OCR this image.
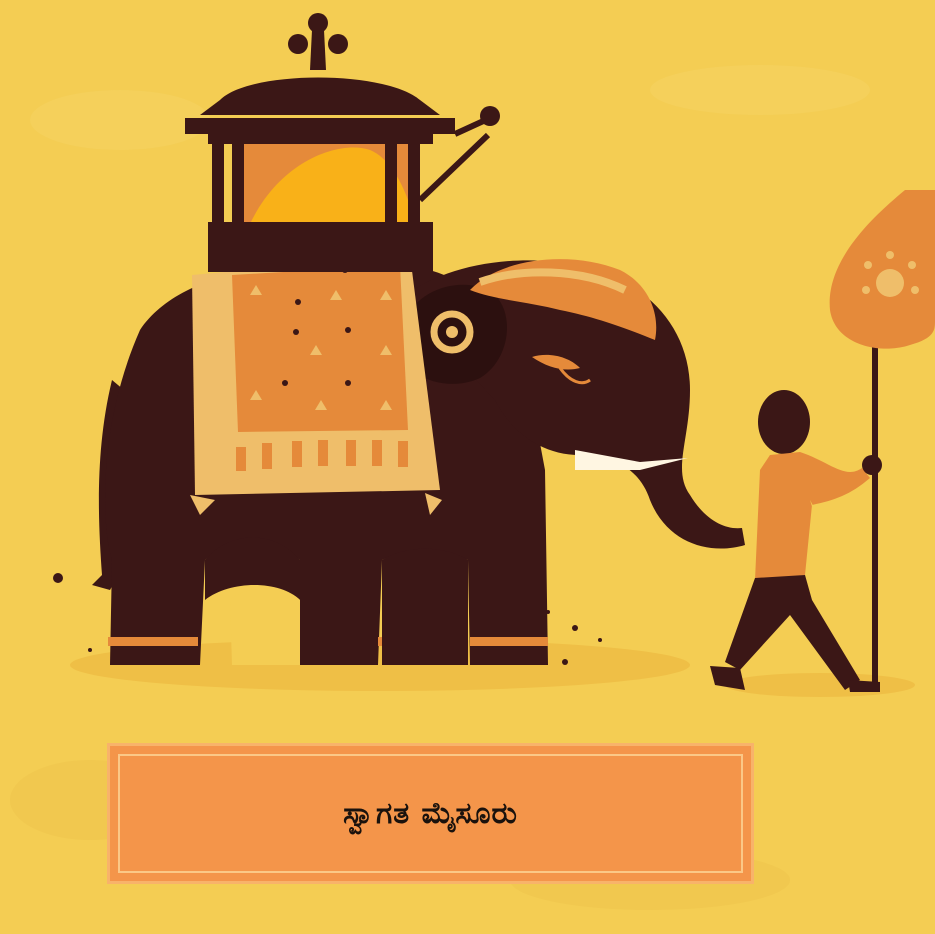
ಸ್ವಾಗತ ಮೈಸೂರು
